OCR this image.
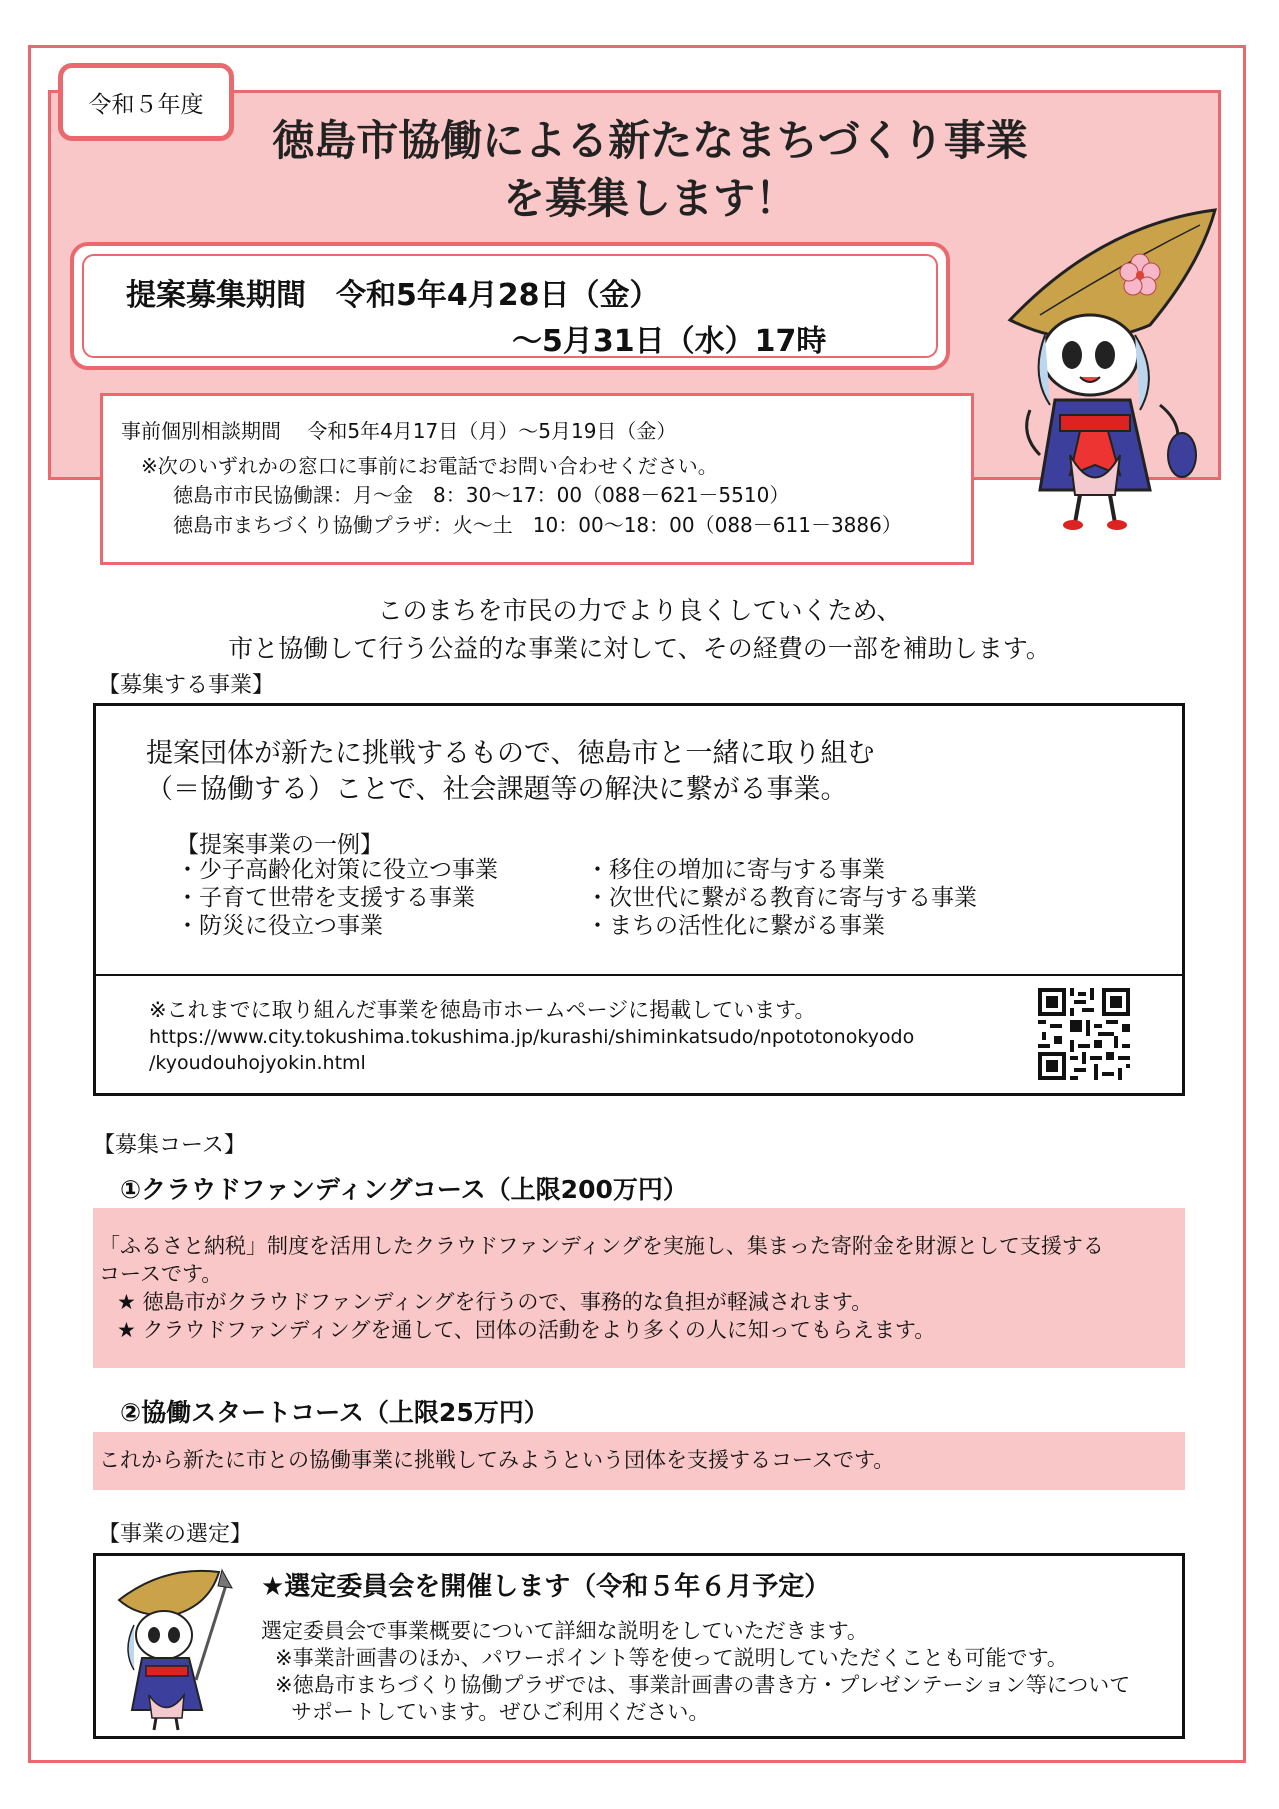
令和５年度
徳島市協働による新たなまちづくり事業
を募集します！
提案募集期間　令和5年4月28日（金）
～5月31日（水）17時
事前個別相談期間　 令和5年4月17日（月）～5月19日（金）
※次のいずれかの窓口に事前にお電話でお問い合わせください。
徳島市市民協働課：月～金　8：30～17：00（088－621－5510）
徳島市まちづくり協働プラザ：火～土　10：00～18：00（088－611－3886）
このまちを市民の力でより良くしていくため、
市と協働して行う公益的な事業に対して、その経費の一部を補助します。
【募集する事業】
提案団体が新たに挑戦するもので、徳島市と一緒に取り組む
（＝協働する）ことで、社会課題等の解決に繋がる事業。
【提案事業の一例】
・少子高齢化対策に役立つ事業
・子育て世帯を支援する事業
・防災に役立つ事業
・移住の増加に寄与する事業
・次世代に繋がる教育に寄与する事業
・まちの活性化に繋がる事業
※これまでに取り組んだ事業を徳島市ホームページに掲載しています。
https://www.city.tokushima.tokushima.jp/kurashi/shiminkatsudo/npototonokyodo
/kyoudouhojyokin.html
【募集コース】
①クラウドファンディングコース（上限200万円）
「ふるさと納税」制度を活用したクラウドファンディングを実施し、集まった寄附金を財源として支援する
コースです。
★ 徳島市がクラウドファンディングを行うので、事務的な負担が軽減されます。
★ クラウドファンディングを通して、団体の活動をより多くの人に知ってもらえます。
②協働スタートコース（上限25万円）
これから新たに市との協働事業に挑戦してみようという団体を支援するコースです。
【事業の選定】
★選定委員会を開催します（令和５年６月予定）
選定委員会で事業概要について詳細な説明をしていただきます。
※事業計画書のほか、パワーポイント等を使って説明していただくことも可能です。
※徳島市まちづくり協働プラザでは、事業計画書の書き方・プレゼンテーション等について
サポートしています。ぜひご利用ください。
